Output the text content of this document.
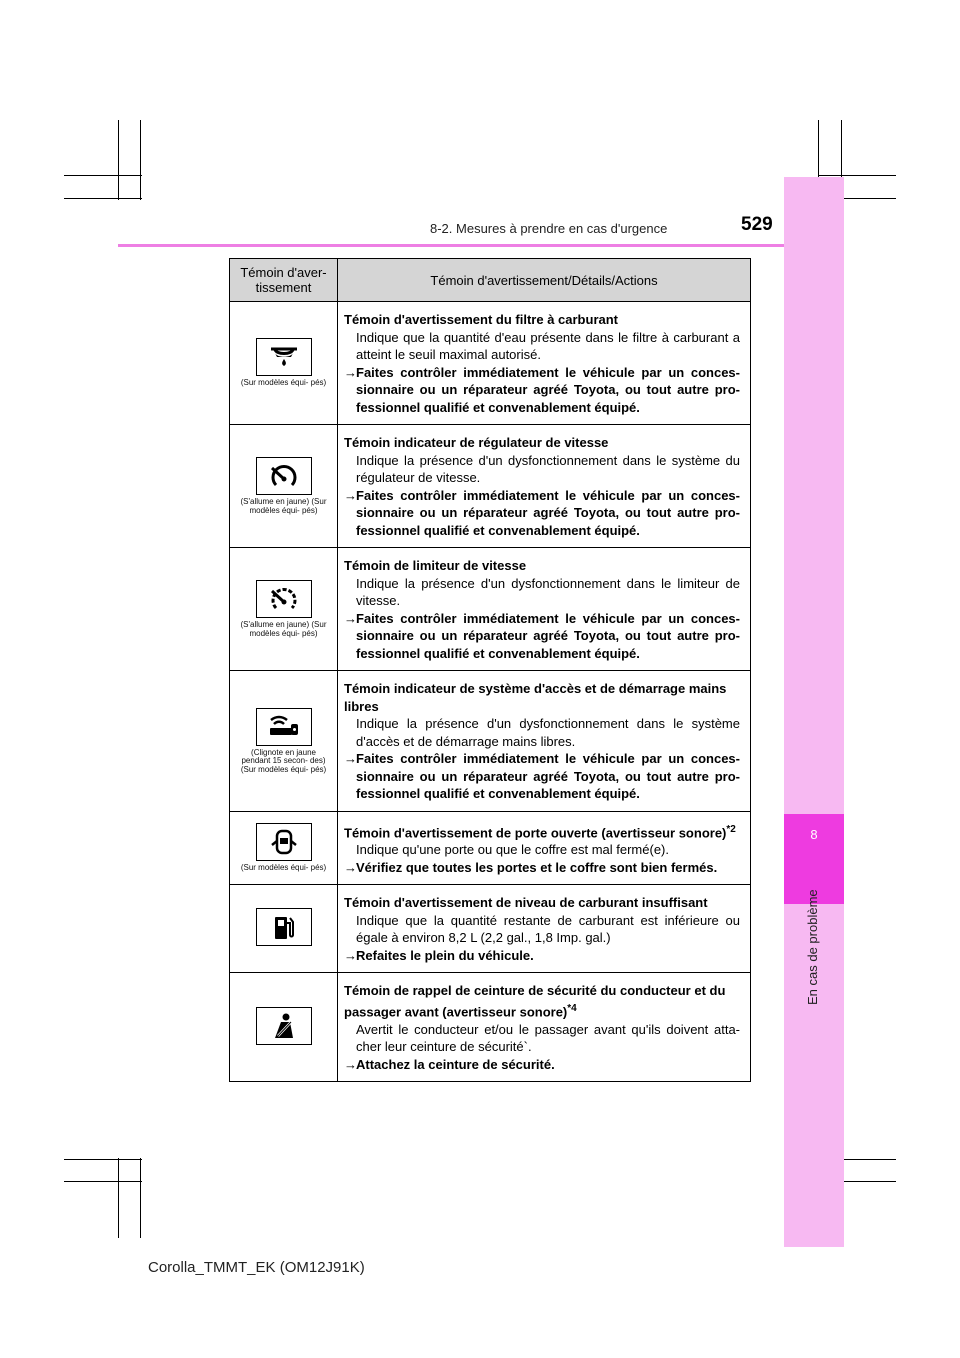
8
En cas de problème
8-2. Mesures à prendre en cas d'urgence	529
Témoin d'aver- tissement	Témoin d'avertissement/Détails/Actions

(Sur modèles équi- pés)	Témoin d'avertissement du filtre à carburant
Indique que la quantité d'eau présente dans le filtre à carburant a atteint le seuil maximal autorisé.
→Faites contrôler immédiatement le véhicule par un conces- sionnaire ou un réparateur agréé Toyota, ou tout autre pro- fessionnel qualifié et convenablement équipé.

(S'allume en jaune) (Sur modèles équi- pés)	Témoin indicateur de régulateur de vitesse
Indique la présence d'un dysfonctionnement dans le système du régulateur de vitesse.
→Faites contrôler immédiatement le véhicule par un conces- sionnaire ou un réparateur agréé Toyota, ou tout autre pro- fessionnel qualifié et convenablement équipé.

(S'allume en jaune) (Sur modèles équi- pés)	Témoin de limiteur de vitesse
Indique la présence d'un dysfonctionnement dans le limiteur de vitesse.
→Faites contrôler immédiatement le véhicule par un conces- sionnaire ou un réparateur agréé Toyota, ou tout autre pro- fessionnel qualifié et convenablement équipé.

(Clignote en jaune pendant 15 secon- des) (Sur modèles équi- pés)	Témoin indicateur de système d'accès et de démarrage mains libres
Indique la présence d'un dysfonctionnement dans le système d'accès et de démarrage mains libres.
→Faites contrôler immédiatement le véhicule par un conces- sionnaire ou un réparateur agréé Toyota, ou tout autre pro- fessionnel qualifié et convenablement équipé.

(Sur modèles équi- pés)	Témoin d'avertissement de porte ouverte (avertisseur sonore)$^{*2}$
Indique qu'une porte ou que le coffre est mal fermé(e).
→Vérifiez que toutes les portes et le coffre sont bien fermés.

Témoin d'avertissement de niveau de carburant insuffisant
Indique que la quantité restante de carburant est inférieure ou égale à environ 8,2 L (2,2 gal., 1,8 Imp. gal.)
→Refaites le plein du véhicule.

Témoin de rappel de ceinture de sécurité du conducteur et du passager avant (avertisseur sonore)$^{*4}$
Avertit le conducteur et/ou le passager avant qu'ils doivent atta- cher leur ceinture de sécurité`.
→Attachez la ceinture de sécurité.
Corolla_TMMT_EK (OM12J91K)
